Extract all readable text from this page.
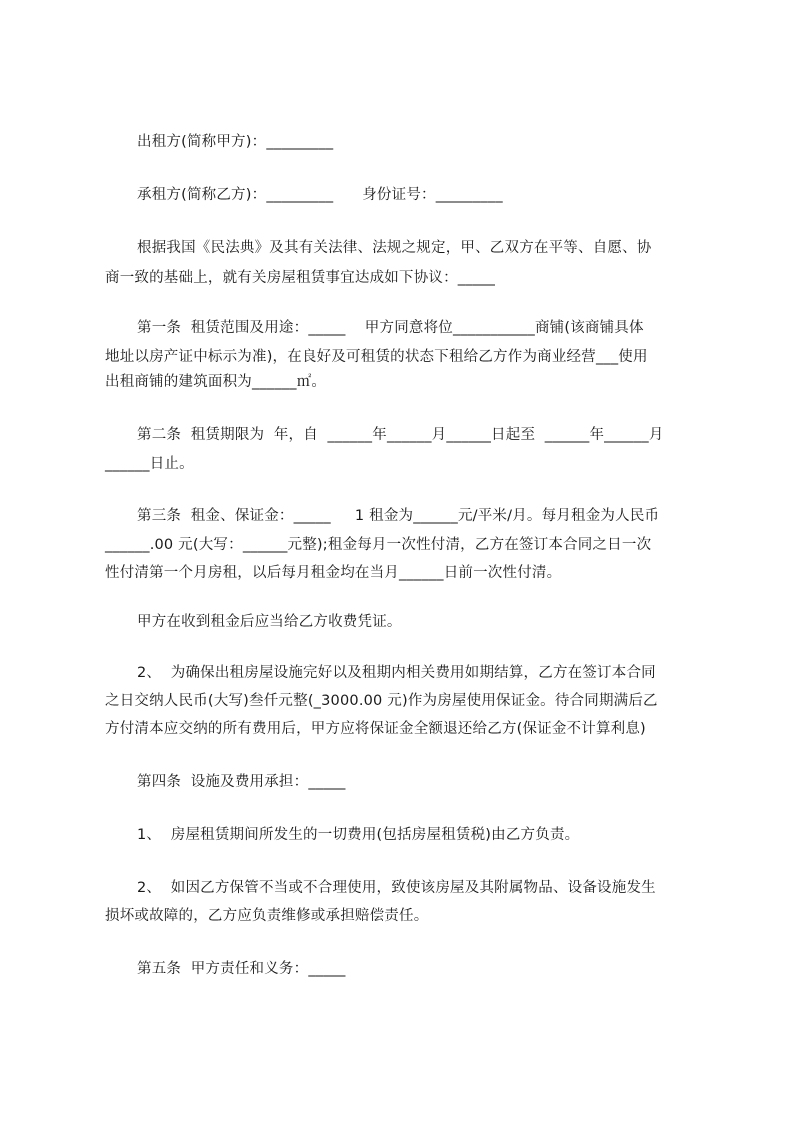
出租方(简称甲方)：_________
承租方(简称乙方)：_________      身份证号：_________
根据我国《民法典》及其有关法律、法规之规定，甲、乙双方在平等、自愿、协
商一致的基础上，就有关房屋租赁事宜达成如下协议：_____
第一条  租赁范围及用途：_____    甲方同意将位___________商铺(该商铺具体
地址以房产证中标示为准)，在良好及可租赁的状态下租给乙方作为商业经营___使用
出租商铺的建筑面积为______㎡。
第二条  租赁期限为  年，自  ______年______月______日起至  ______年______月
______日止。
第三条  租金、保证金：_____     1 租金为______元/平米/月。每月租金为人民币
______.00 元(大写：______元整);租金每月一次性付清，乙方在签订本合同之日一次
性付清第一个月房租，以后每月租金均在当月______日前一次性付清。
甲方在收到租金后应当给乙方收费凭证。
2、  为确保出租房屋设施完好以及租期内相关费用如期结算，乙方在签订本合同
之日交纳人民币(大写)叁仟元整(_3000.00 元)作为房屋使用保证金。待合同期满后乙
方付清本应交纳的所有费用后，甲方应将保证金全额退还给乙方(保证金不计算利息)
第四条  设施及费用承担：_____
1、  房屋租赁期间所发生的一切费用(包括房屋租赁税)由乙方负责。
2、  如因乙方保管不当或不合理使用，致使该房屋及其附属物品、设备设施发生
损坏或故障的，乙方应负责维修或承担赔偿责任。
第五条  甲方责任和义务：_____
